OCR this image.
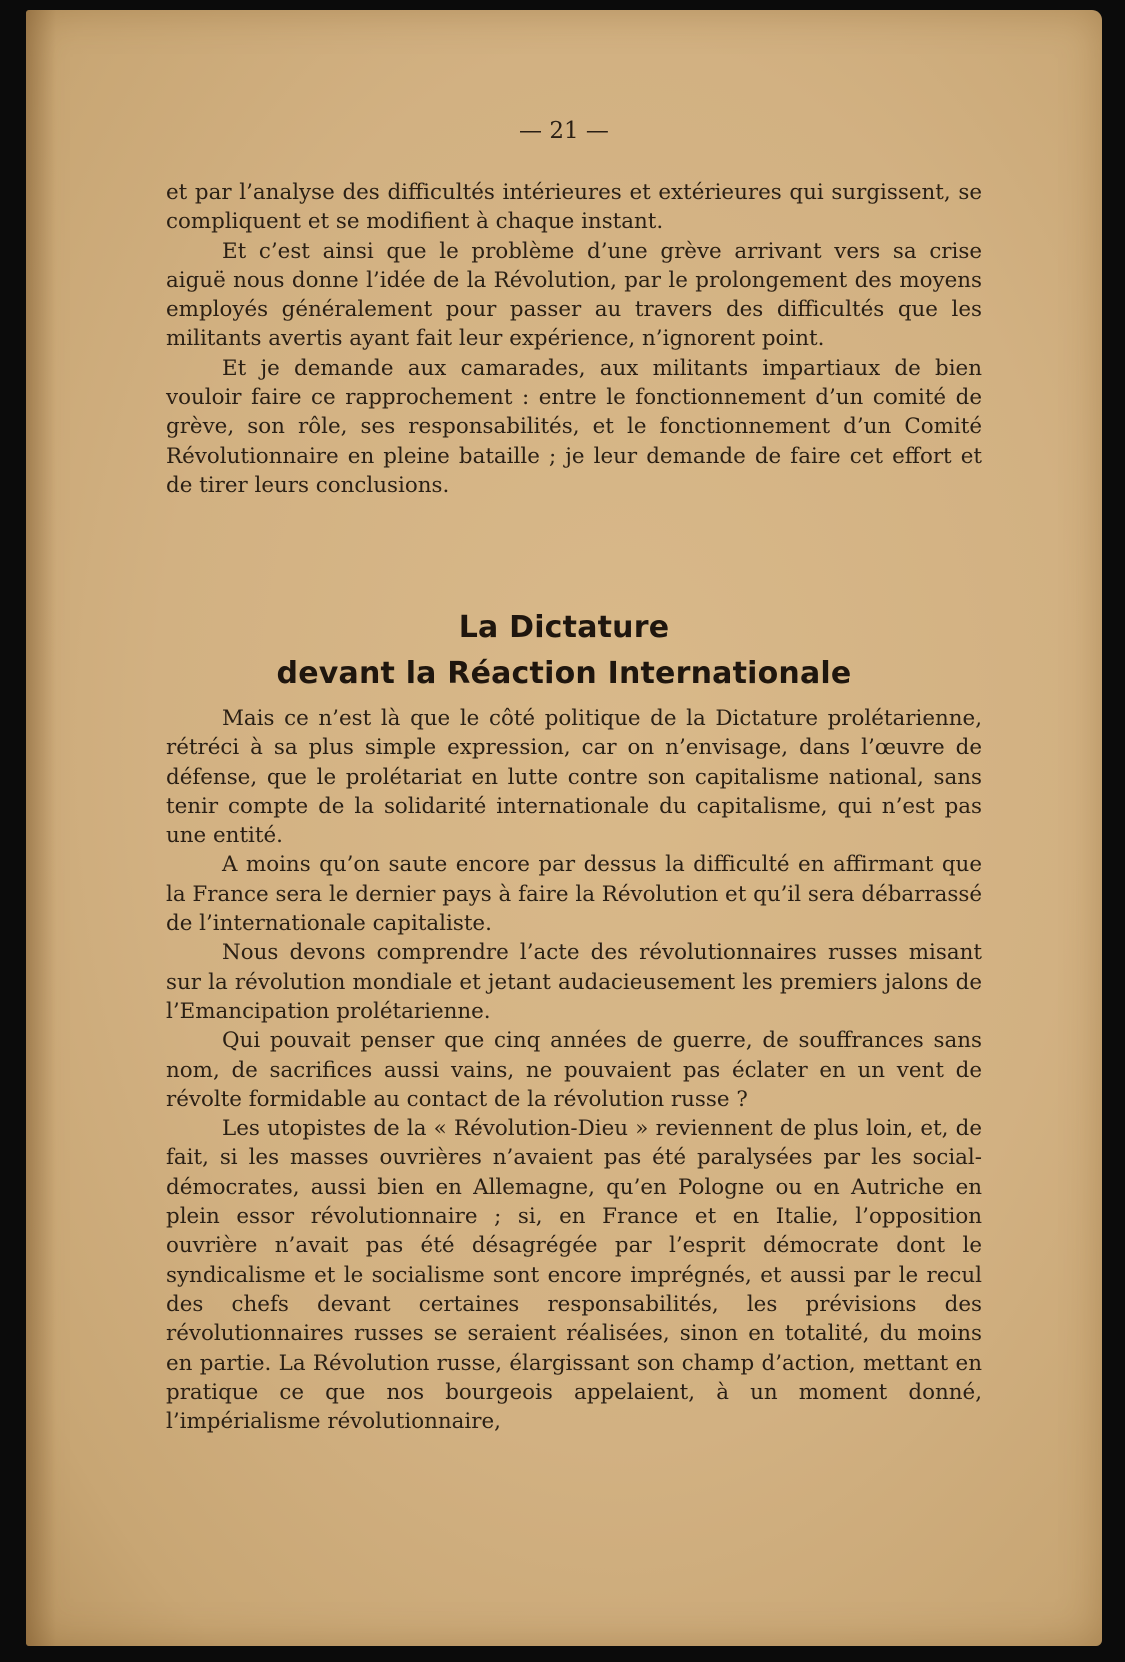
— 21 —

et par l’analyse des difficultés intérieures et extérieures qui surgissent, se compliquent et se modifient à chaque instant.

Et c’est ainsi que le problème d’une grève arrivant vers sa crise aiguë nous donne l’idée de la Révolution, par le prolongement des moyens employés généralement pour passer au travers des difficultés que les militants avertis ayant fait leur expérience, n’ignorent point.

Et je demande aux camarades, aux militants impartiaux de bien vouloir faire ce rapprochement : entre le fonctionnement d’un comité de grève, son rôle, ses responsabilités, et le fonctionnement d’un Comité Révolutionnaire en pleine bataille ; je leur demande de faire cet effort et de tirer leurs conclusions.

La Dictature
devant la Réaction Internationale

Mais ce n’est là que le côté politique de la Dictature prolétarienne, rétréci à sa plus simple expression, car on n’envisage, dans l’œuvre de défense, que le prolétariat en lutte contre son capitalisme national, sans tenir compte de la solidarité internationale du capitalisme, qui n’est pas une entité.

A moins qu’on saute encore par dessus la difficulté en affirmant que la France sera le dernier pays à faire la Révolution et qu’il sera débarrassé de l’internationale capitaliste.

Nous devons comprendre l’acte des révolutionnaires russes misant sur la révolution mondiale et jetant audacieusement les premiers jalons de l’Emancipation prolétarienne.

Qui pouvait penser que cinq années de guerre, de souffrances sans nom, de sacrifices aussi vains, ne pouvaient pas éclater en un vent de révolte formidable au contact de la révolution russe ?

Les utopistes de la « Révolution-Dieu » reviennent de plus loin, et, de fait, si les masses ouvrières n’avaient pas été paralysées par les social-démocrates, aussi bien en Allemagne, qu’en Pologne ou en Autriche en plein essor révolutionnaire ; si, en France et en Italie, l’opposition ouvrière n’avait pas été désagrégée par l’esprit démocrate dont le syndicalisme et le socialisme sont encore imprégnés, et aussi par le recul des chefs devant certaines responsabilités, les prévisions des révolutionnaires russes se seraient réalisées, sinon en totalité, du moins en partie. La Révolution russe, élargissant son champ d’action, mettant en pratique ce que nos bourgeois appelaient, à un moment donné, l’impérialisme révolutionnaire,
